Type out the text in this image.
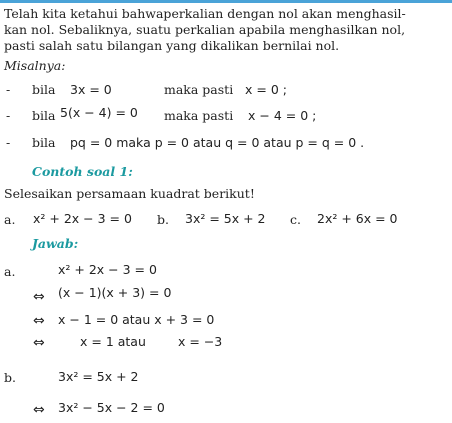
Telah kita ketahui bahwaperkalian dengan nol akan menghasil-
kan nol. Sebaliknya, suatu perkalian apabila menghasilkan nol,
pasti salah satu bilangan yang dikalikan bernilai nol.
Misalnya:
- bila 3x = 0	maka pasti x = 0 ;
- bila 5(x − 4) = 0 maka pasti x − 4 = 0 ;
- bila pq = 0 maka p = 0 atau q = 0 atau p = q = 0 .
Contoh soal 1:
Selesaikan persamaan kuadrat berikut!
a. x² + 2x − 3 = 0 b. 3x² = 5x + 2 c. 2x² + 6x = 0
Jawab:
a.	x² + 2x − 3 = 0
⇔ (x − 1)(x + 3) = 0
⇔ x − 1 = 0 atau x + 3 = 0
⇔	x = 1 atau	x = −3
b.	3x² = 5x + 2
⇔ 3x² − 5x − 2 = 0
